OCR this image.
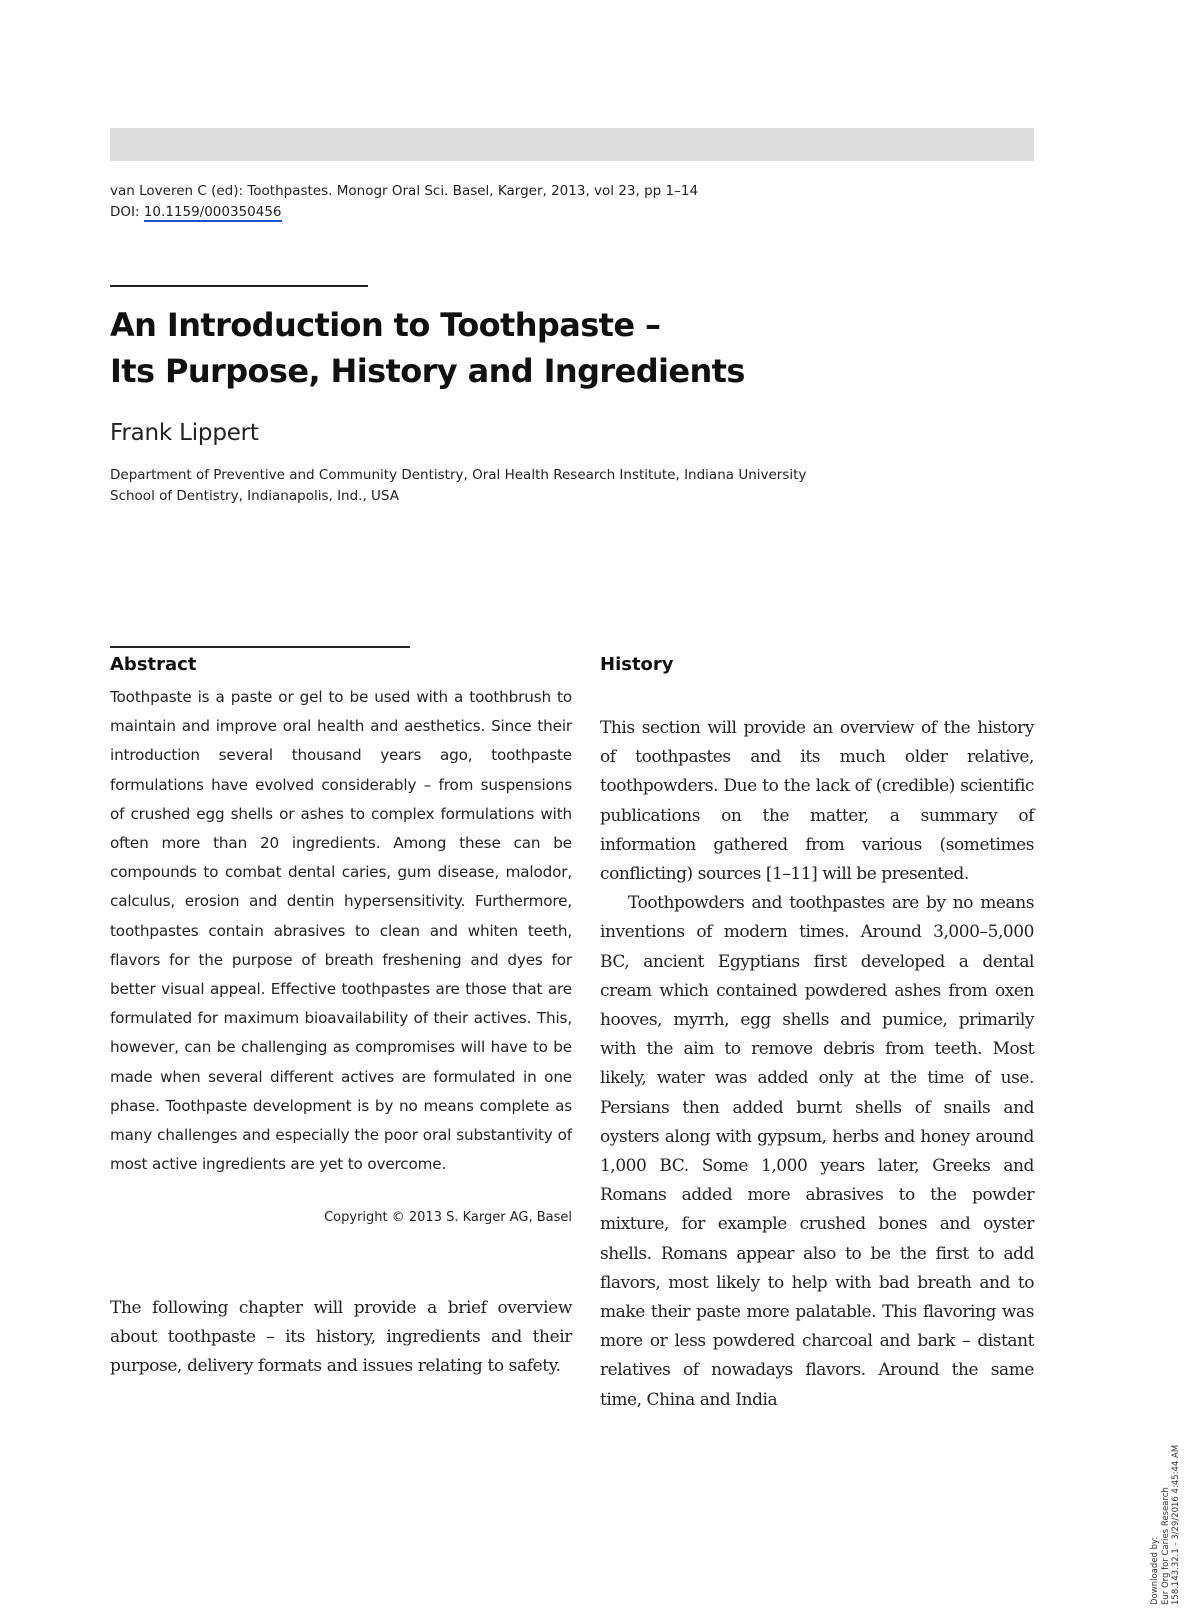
van Loveren C (ed): Toothpastes. Monogr Oral Sci. Basel, Karger, 2013, vol 23, pp 1–14
DOI: 10.1159/000350456
An Introduction to Toothpaste –
Its Purpose, History and Ingredients
Frank Lippert
Department of Preventive and Community Dentistry, Oral Health Research Institute, Indiana University
School of Dentistry, Indianapolis, Ind., USA
Abstract
Toothpaste is a paste or gel to be used with a toothbrush to maintain and improve oral health and aesthetics. Since their introduction several thousand years ago, toothpaste formulations have evolved considerably – from suspensions of crushed egg shells or ashes to complex formulations with often more than 20 ingredients. Among these can be compounds to combat dental caries, gum disease, malodor, calculus, erosion and dentin hypersensitivity. Furthermore, toothpastes contain abrasives to clean and whiten teeth, flavors for the purpose of breath freshening and dyes for better visual appeal. Effective toothpastes are those that are formulated for maximum bioavailability of their actives. This, however, can be challenging as compromises will have to be made when several different actives are formulated in one phase. Toothpaste development is by no means complete as many challenges and especially the poor oral substantivity of most active ingredients are yet to overcome.
Copyright © 2013 S. Karger AG, Basel

The following chapter will provide a brief overview about toothpaste – its history, ingredients and their purpose, delivery formats and issues relating to safety.

History

This section will provide an overview of the history of toothpastes and its much older relative, toothpowders. Due to the lack of (credible) scientific publications on the matter, a summary of information gathered from various (sometimes conflicting) sources [1–11] will be presented.

Toothpowders and toothpastes are by no means inventions of modern times. Around 3,000–5,000 BC, ancient Egyptians first developed a dental cream which contained powdered ashes from oxen hooves, myrrh, egg shells and pumice, primarily with the aim to remove debris from teeth. Most likely, water was added only at the time of use. Persians then added burnt shells of snails and oysters along with gypsum, herbs and honey around 1,000 BC. Some 1,000 years later, Greeks and Romans added more abrasives to the powder mixture, for example crushed bones and oyster shells. Romans appear also to be the first to add flavors, most likely to help with bad breath and to make their paste more palatable. This flavoring was more or less powdered charcoal and bark – distant relatives of nowadays flavors. Around the same time, China and India

Downloaded by: Eur Org for Caries Research 158.143.32.1 - 3/29/2016 4:45:44 AM
